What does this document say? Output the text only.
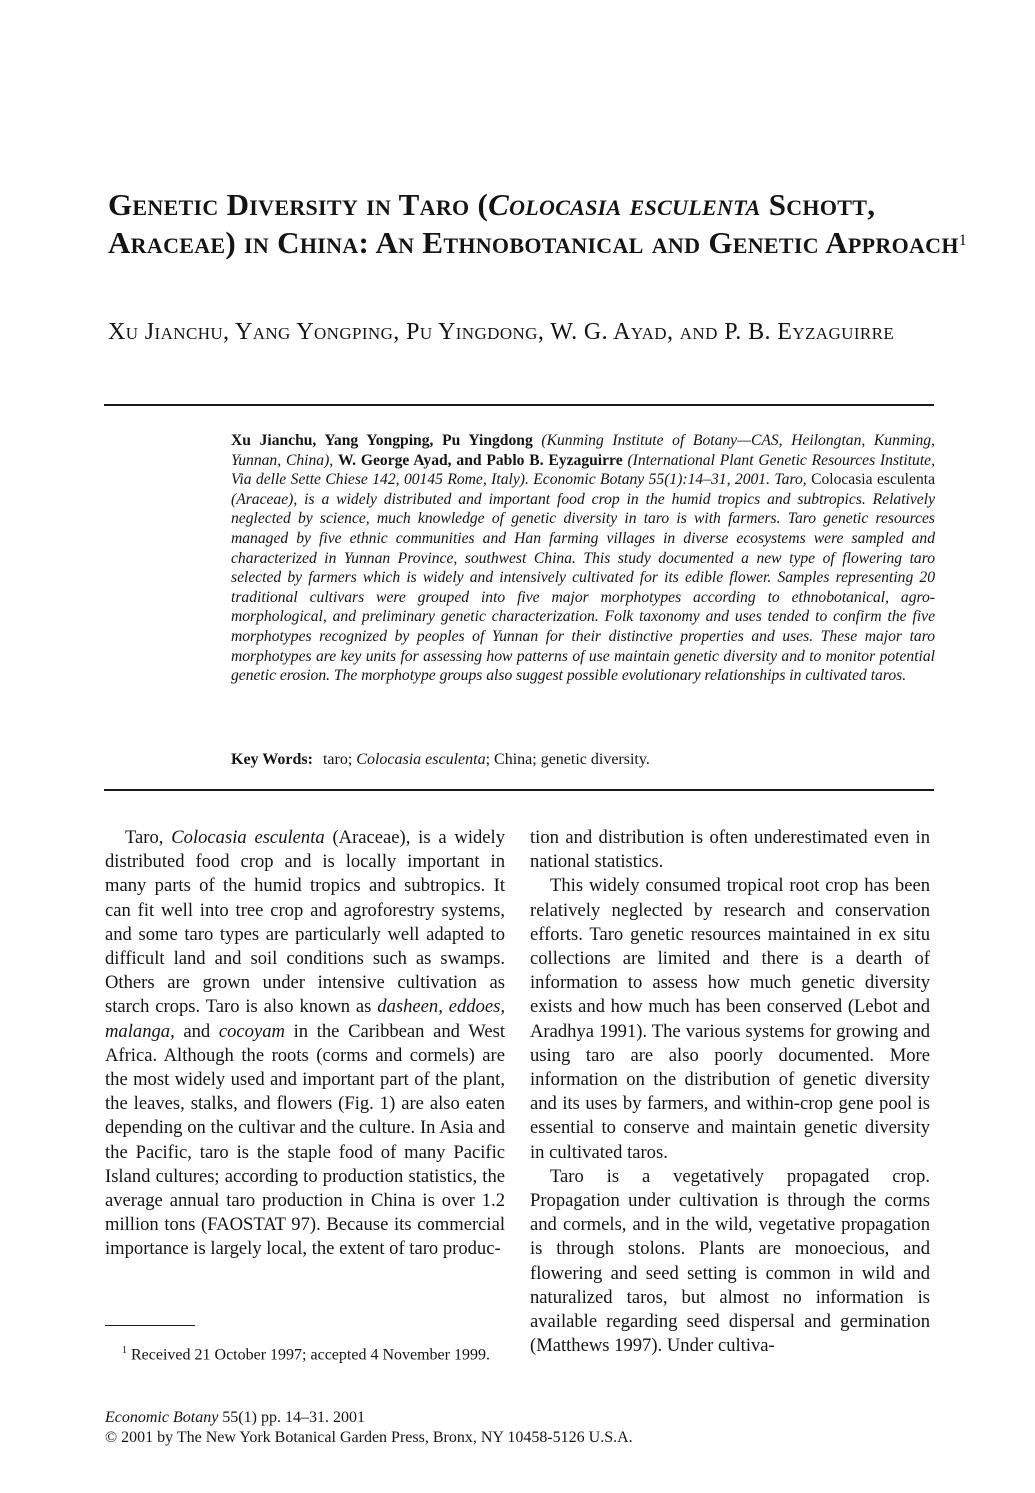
Genetic Diversity in Taro (Colocasia esculenta Schott, Araceae) in China: An Ethnobotanical and Genetic Approach$^1$
Xu Jianchu, Yang Yongping, Pu Yingdong, W. G. Ayad, and P. B. Eyzaguirre
Xu Jianchu, Yang Yongping, Pu Yingdong (Kunming Institute of Botany—CAS, Heilongtan, Kunming, Yunnan, China), W. George Ayad, and Pablo B. Eyzaguirre (International Plant Genetic Resources Institute, Via delle Sette Chiese 142, 00145 Rome, Italy). Economic Botany 55(1):14–31, 2001. Taro, Colocasia esculenta (Araceae), is a widely distributed and important food crop in the humid tropics and subtropics. Relatively neglected by science, much knowledge of genetic diversity in taro is with farmers. Taro genetic resources managed by five ethnic communities and Han farming villages in diverse ecosystems were sampled and characterized in Yunnan Province, southwest China. This study documented a new type of flowering taro selected by farmers which is widely and intensively cultivated for its edible flower. Samples representing 20 traditional cultivars were grouped into five major morphotypes according to ethnobotanical, agro-morphological, and preliminary genetic characterization. Folk taxonomy and uses tended to confirm the five morphotypes recognized by peoples of Yunnan for their distinctive properties and uses. These major taro morphotypes are key units for assessing how patterns of use maintain genetic diversity and to monitor potential genetic erosion. The morphotype groups also suggest possible evolutionary relationships in cultivated taros.
Key Words: taro; Colocasia esculenta; China; genetic diversity.

Taro, Colocasia esculenta (Araceae), is a widely distributed food crop and is locally important in many parts of the humid tropics and subtropics. It can fit well into tree crop and agroforestry systems, and some taro types are particularly well adapted to difficult land and soil conditions such as swamps. Others are grown under intensive cultivation as starch crops. Taro is also known as dasheen, eddoes, malanga, and cocoyam in the Caribbean and West Africa. Although the roots (corms and cormels) are the most widely used and important part of the plant, the leaves, stalks, and flowers (Fig. 1) are also eaten depending on the cultivar and the culture. In Asia and the Pacific, taro is the staple food of many Pacific Island cultures; according to production statistics, the average annual taro production in China is over 1.2 million tons (FAOSTAT 97). Because its commercial importance is largely local, the extent of taro produc-

tion and distribution is often underestimated even in national statistics.

This widely consumed tropical root crop has been relatively neglected by research and conservation efforts. Taro genetic resources maintained in ex situ collections are limited and there is a dearth of information to assess how much genetic diversity exists and how much has been conserved (Lebot and Aradhya 1991). The various systems for growing and using taro are also poorly documented. More information on the distribution of genetic diversity and its uses by farmers, and within-crop gene pool is essential to conserve and maintain genetic diversity in cultivated taros.

Taro is a vegetatively propagated crop. Propagation under cultivation is through the corms and cormels, and in the wild, vegetative propagation is through stolons. Plants are monoecious, and flowering and seed setting is common in wild and naturalized taros, but almost no information is available regarding seed dispersal and germination (Matthews 1997). Under cultiva-

$^1$ Received 21 October 1997; accepted 4 November 1999.
Economic Botany 55(1) pp. 14–31. 2001
© 2001 by The New York Botanical Garden Press, Bronx, NY 10458-5126 U.S.A.
